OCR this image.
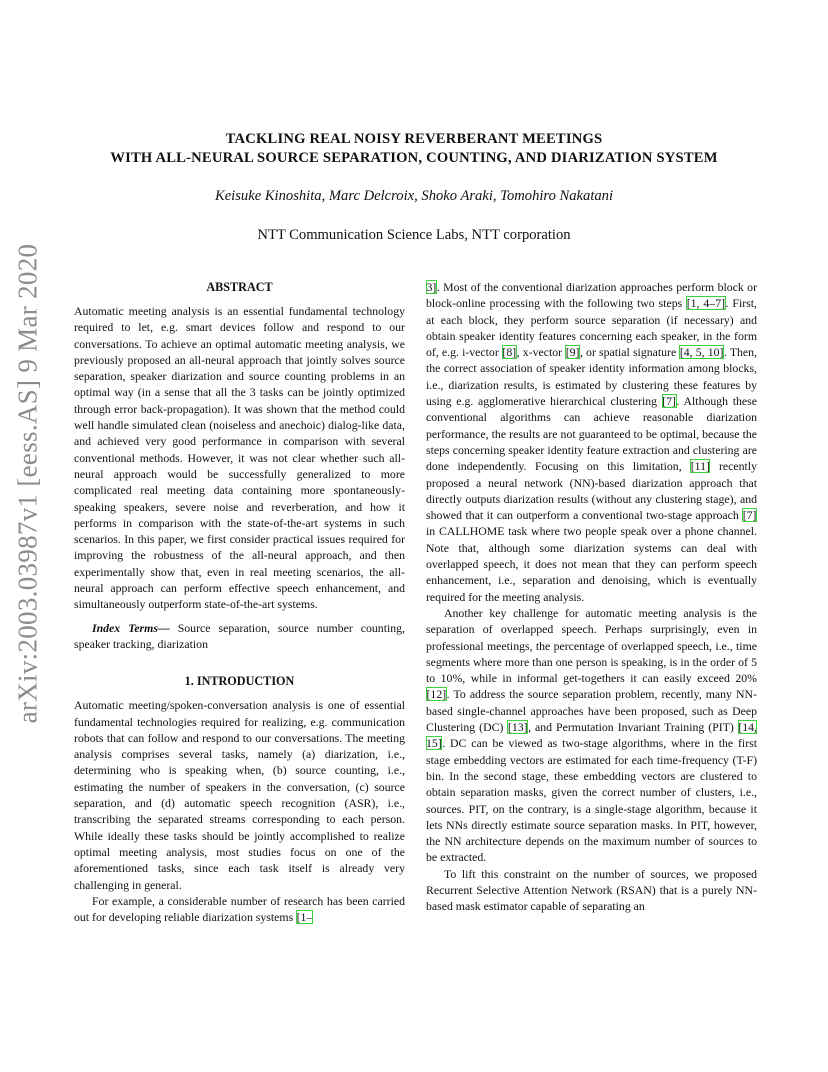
arXiv:2003.03987v1 [eess.AS] 9 Mar 2020
TACKLING REAL NOISY REVERBERANT MEETINGS
WITH ALL-NEURAL SOURCE SEPARATION, COUNTING, AND DIARIZATION SYSTEM
Keisuke Kinoshita, Marc Delcroix, Shoko Araki, Tomohiro Nakatani
NTT Communication Science Labs, NTT corporation
ABSTRACT

Automatic meeting analysis is an essential fundamental technology required to let, e.g. smart devices follow and respond to our conversations. To achieve an optimal automatic meeting analysis, we previously proposed an all-neural approach that jointly solves source separation, speaker diarization and source counting problems in an optimal way (in a sense that all the 3 tasks can be jointly optimized through error back-propagation). It was shown that the method could well handle simulated clean (noiseless and anechoic) dialog-like data, and achieved very good performance in comparison with several conventional methods. However, it was not clear whether such all-neural approach would be successfully generalized to more complicated real meeting data containing more spontaneously-speaking speakers, severe noise and reverberation, and how it performs in comparison with the state-of-the-art systems in such scenarios. In this paper, we first consider practical issues required for improving the robustness of the all-neural approach, and then experimentally show that, even in real meeting scenarios, the all-neural approach can perform effective speech enhancement, and simultaneously outperform state-of-the-art systems.

Index Terms— Source separation, source number counting, speaker tracking, diarization

1. INTRODUCTION

Automatic meeting/spoken-conversation analysis is one of essential fundamental technologies required for realizing, e.g. communication robots that can follow and respond to our conversations. The meeting analysis comprises several tasks, namely (a) diarization, i.e., determining who is speaking when, (b) source counting, i.e., estimating the number of speakers in the conversation, (c) source separation, and (d) automatic speech recognition (ASR), i.e., transcribing the separated streams corresponding to each person. While ideally these tasks should be jointly accomplished to realize optimal meeting analysis, most studies focus on one of the aforementioned tasks, since each task itself is already very challenging in general.

For example, a considerable number of research has been carried out for developing reliable diarization systems [1–

3]. Most of the conventional diarization approaches perform block or block-online processing with the following two steps [1, 4–7]. First, at each block, they perform source separation (if necessary) and obtain speaker identity features concerning each speaker, in the form of, e.g. i-vector [8], x-vector [9], or spatial signature [4, 5, 10]. Then, the correct association of speaker identity information among blocks, i.e., diarization results, is estimated by clustering these features by using e.g. agglomerative hierarchical clustering [7]. Although these conventional algorithms can achieve reasonable diarization performance, the results are not guaranteed to be optimal, because the steps concerning speaker identity feature extraction and clustering are done independently. Focusing on this limitation, [11] recently proposed a neural network (NN)-based diarization approach that directly outputs diarization results (without any clustering stage), and showed that it can outperform a conventional two-stage approach [7] in CALLHOME task where two people speak over a phone channel. Note that, although some diarization systems can deal with overlapped speech, it does not mean that they can perform speech enhancement, i.e., separation and denoising, which is eventually required for the meeting analysis.

Another key challenge for automatic meeting analysis is the separation of overlapped speech. Perhaps surprisingly, even in professional meetings, the percentage of overlapped speech, i.e., time segments where more than one person is speaking, is in the order of 5 to 10%, while in informal get-togethers it can easily exceed 20% [12]. To address the source separation problem, recently, many NN-based single-channel approaches have been proposed, such as Deep Clustering (DC) [13], and Permutation Invariant Training (PIT) [14, 15]. DC can be viewed as two-stage algorithms, where in the first stage embedding vectors are estimated for each time-frequency (T-F) bin. In the second stage, these embedding vectors are clustered to obtain separation masks, given the correct number of clusters, i.e., sources. PIT, on the contrary, is a single-stage algorithm, because it lets NNs directly estimate source separation masks. In PIT, however, the NN architecture depends on the maximum number of sources to be extracted.

To lift this constraint on the number of sources, we proposed Recurrent Selective Attention Network (RSAN) that is a purely NN-based mask estimator capable of separating an
